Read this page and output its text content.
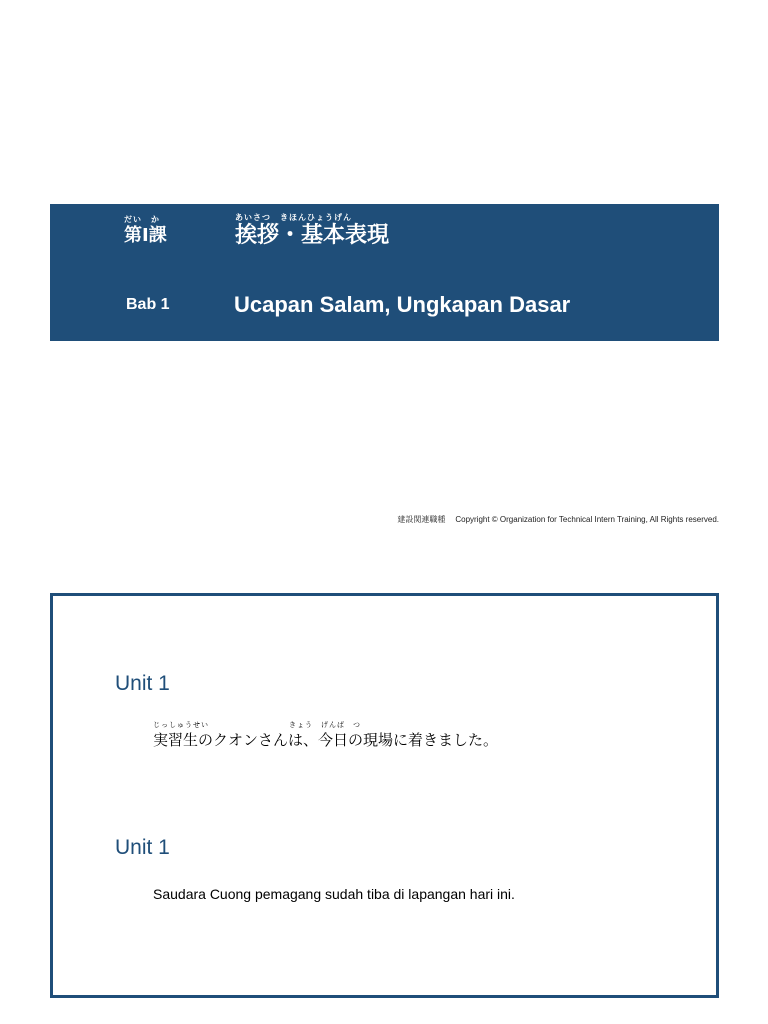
だい　か
第Ⅰ課
あいさつ　きほんひょうげん
挨拶・基本表現
Bab 1	Ucapan Salam, Ungkapan Dasar
建設関連職種 Copyright © Organization for Technical Intern Training, All Rights reserved.
Unit 1
じっしゅうせい　　　　　　　　　　きょう　げんば　つ
実習生のクオンさんは、今日の現場に着きました。
Unit 1
Saudara Cuong pemagang sudah tiba di lapangan hari ini.
